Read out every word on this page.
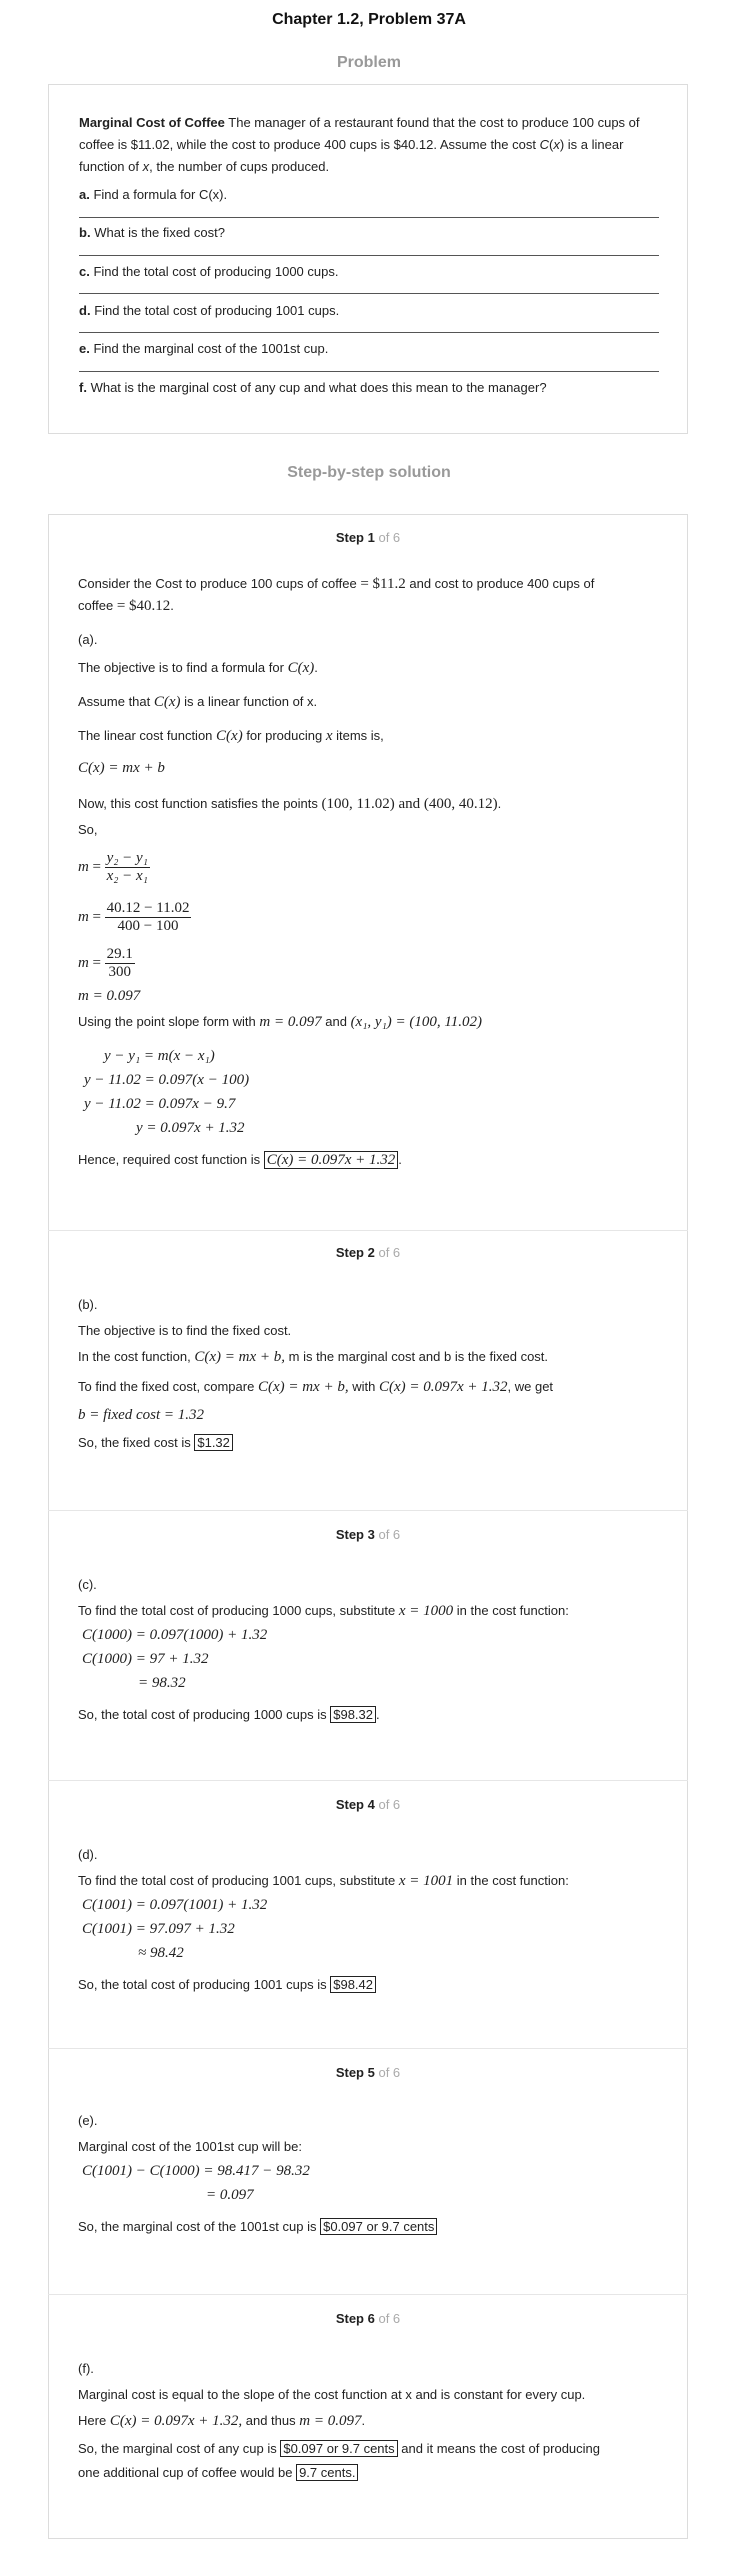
Chapter 1.2, Problem 37A
Problem
Marginal Cost of Coffee The manager of a restaurant found that the cost to produce 100 cups of coffee is $11.02, while the cost to produce 400 cups is $40.12. Assume the cost C(x) is a linear function of x, the number of cups produced.
a. Find a formula for C(x).
b. What is the fixed cost?
c. Find the total cost of producing 1000 cups.
d. Find the total cost of producing 1001 cups.
e. Find the marginal cost of the 1001st cup.
f. What is the marginal cost of any cup and what does this mean to the manager?
Step-by-step solution
Step 1 of 6
Consider the Cost to produce 100 cups of coffee = $11.2 and cost to produce 400 cups of
coffee = $40.12.
(a).
The objective is to find a formula for C(x).
Assume that C(x) is a linear function of x.
The linear cost function C(x) for producing x items is,
C(x) = mx + b
Now, this cost function satisfies the points (100, 11.02) and (400, 40.12).
So,
$m = \frac{\text{y₂ − y₁}}{\text{x₂ − x₁}}$
$m = \frac{40.12 - 11.02}{400 - 100}$
$m = \frac{29.1}{300}$
m = 0.097
Using the point slope form with m = 0.097 and (x₁, y₁) = (100, 11.02)
y − y₁ = m(x − x₁)
y − 11.02 = 0.097(x − 100)
y − 11.02 = 0.097x − 9.7
y = 0.097x + 1.32
Hence, required cost function is C(x) = 0.097x + 1.32 .
Step 2 of 6
(b).
The objective is to find the fixed cost.
In the cost function, C(x) = mx + b, m is the marginal cost and b is the fixed cost.
To find the fixed cost, compare C(x) = mx + b, with C(x) = 0.097x + 1.32, we get
b = fixed cost = 1.32
So, the fixed cost is $1.32
Step 3 of 6
(c).
To find the total cost of producing 1000 cups, substitute x = 1000 in the cost function:
C(1000) = 0.097(1000) + 1.32
C(1000) = 97 + 1.32
= 98.32
So, the total cost of producing 1000 cups is $98.32 .
Step 4 of 6
(d).
To find the total cost of producing 1001 cups, substitute x = 1001 in the cost function:
C(1001) = 0.097(1001) + 1.32
C(1001) = 97.097 + 1.32
≈ 98.42
So, the total cost of producing 1001 cups is $98.42
Step 5 of 6
(e).
Marginal cost of the 1001st cup will be:
C(1001) − C(1000) = 98.417 − 98.32
= 0.097
So, the marginal cost of the 1001st cup is $0.097 or 9.7 cents
Step 6 of 6
(f).
Marginal cost is equal to the slope of the cost function at x and is constant for every cup.
Here C(x) = 0.097x + 1.32, and thus m = 0.097.
So, the marginal cost of any cup is $0.097 or 9.7 cents and it means the cost of producing
one additional cup of coffee would be 9.7 cents.
